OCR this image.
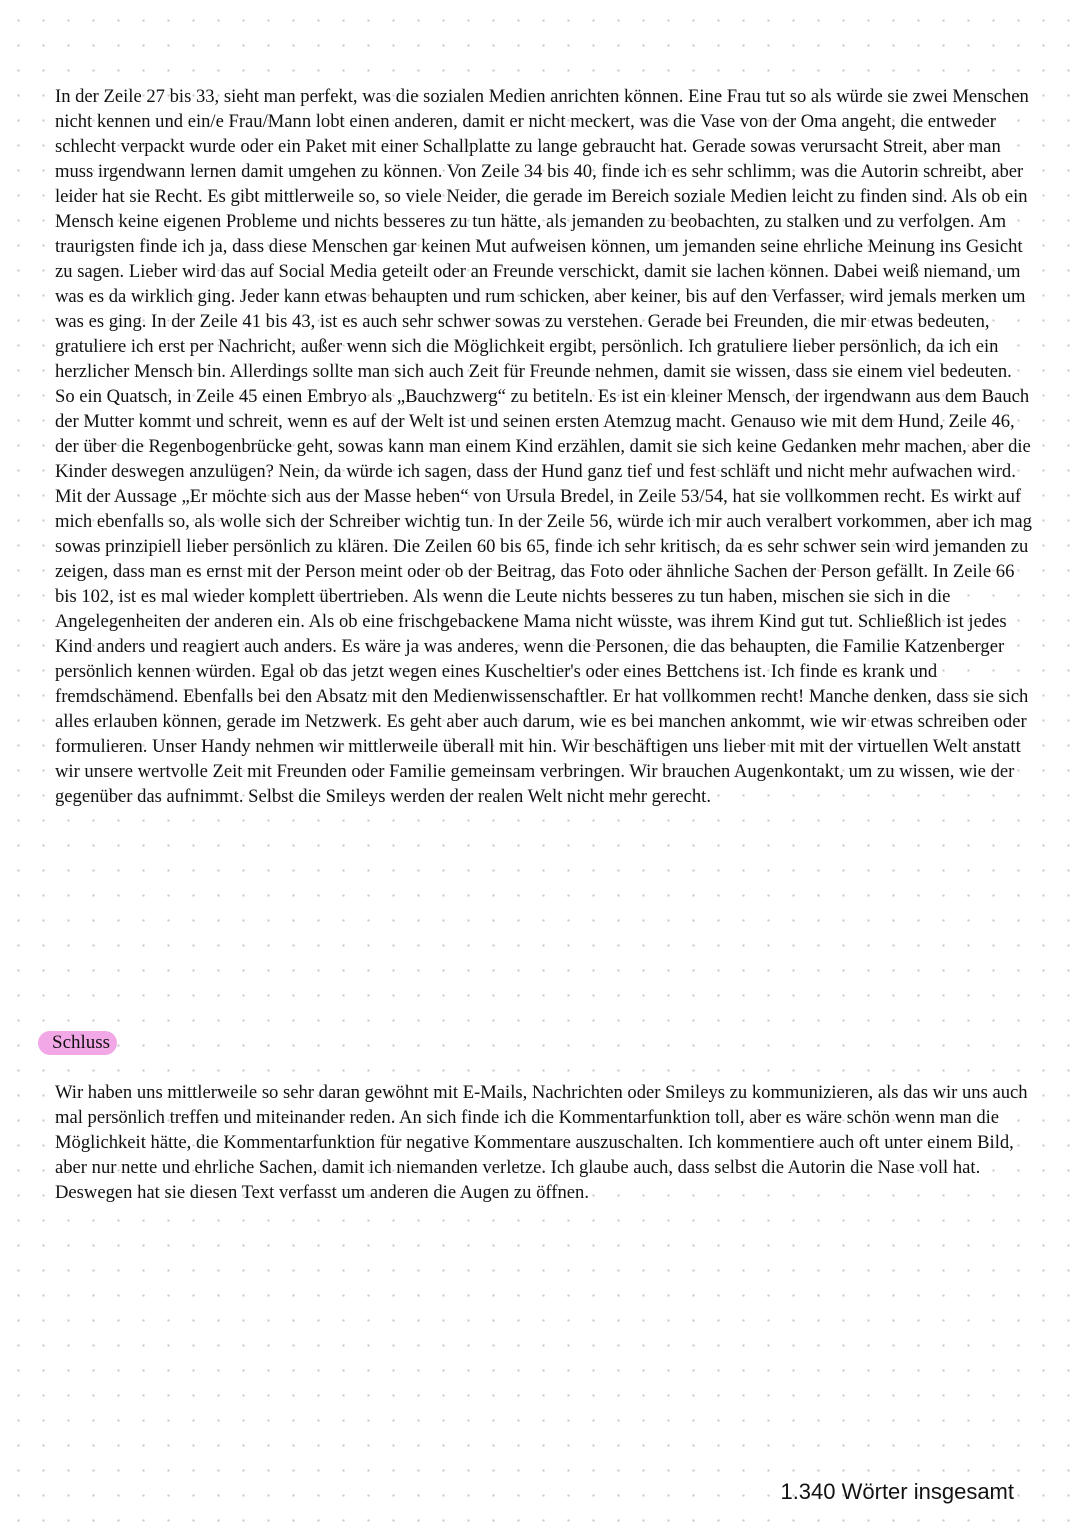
In der Zeile 27 bis 33, sieht man perfekt, was die sozialen Medien anrichten können. Eine Frau tut so als würde sie zwei Menschen nicht kennen und ein/e Frau/Mann lobt einen anderen, damit er nicht meckert, was die Vase von der Oma angeht, die entweder schlecht verpackt wurde oder ein Paket mit einer Schallplatte zu lange gebraucht hat. Gerade sowas verursacht Streit, aber man muss irgendwann lernen damit umgehen zu können. Von Zeile 34 bis 40, finde ich es sehr schlimm, was die Autorin schreibt, aber leider hat sie Recht. Es gibt mittlerweile so, so viele Neider, die gerade im Bereich soziale Medien leicht zu finden sind. Als ob ein Mensch keine eigenen Probleme und nichts besseres zu tun hätte, als jemanden zu beobachten, zu stalken und zu verfolgen. Am traurigsten finde ich ja, dass diese Menschen gar keinen Mut aufweisen können, um jemanden seine ehrliche Meinung ins Gesicht zu sagen. Lieber wird das auf Social Media geteilt oder an Freunde verschickt, damit sie lachen können. Dabei weiß niemand, um was es da wirklich ging. Jeder kann etwas behaupten und rum schicken, aber keiner, bis auf den Verfasser, wird jemals merken um was es ging. In der Zeile 41 bis 43, ist es auch sehr schwer sowas zu verstehen. Gerade bei Freunden, die mir etwas bedeuten, gratuliere ich erst per Nachricht, außer wenn sich die Möglichkeit ergibt, persönlich. Ich gratuliere lieber persönlich, da ich ein herzlicher Mensch bin. Allerdings sollte man sich auch Zeit für Freunde nehmen, damit sie wissen, dass sie einem viel bedeuten. So ein Quatsch, in Zeile 45 einen Embryo als „Bauchzwerg“ zu betiteln. Es ist ein kleiner Mensch, der irgendwann aus dem Bauch der Mutter kommt und schreit, wenn es auf der Welt ist und seinen ersten Atemzug macht. Genauso wie mit dem Hund, Zeile 46, der über die Regenbogenbrücke geht, sowas kann man einem Kind erzählen, damit sie sich keine Gedanken mehr machen, aber die Kinder deswegen anzulügen? Nein, da würde ich sagen, dass der Hund ganz tief und fest schläft und nicht mehr aufwachen wird. Mit der Aussage „Er möchte sich aus der Masse heben“ von Ursula Bredel, in Zeile 53/54, hat sie vollkommen recht. Es wirkt auf mich ebenfalls so, als wolle sich der Schreiber wichtig tun. In der Zeile 56, würde ich mir auch veralbert vorkommen, aber ich mag sowas prinzipiell lieber persönlich zu klären. Die Zeilen 60 bis 65, finde ich sehr kritisch, da es sehr schwer sein wird jemanden zu zeigen, dass man es ernst mit der Person meint oder ob der Beitrag, das Foto oder ähnliche Sachen der Person gefällt. In Zeile 66 bis 102, ist es mal wieder komplett übertrieben. Als wenn die Leute nichts besseres zu tun haben, mischen sie sich in die Angelegenheiten der anderen ein. Als ob eine frischgebackene Mama nicht wüsste, was ihrem Kind gut tut. Schließlich ist jedes Kind anders und reagiert auch anders. Es wäre ja was anderes, wenn die Personen, die das behaupten, die Familie Katzenberger persönlich kennen würden. Egal ob das jetzt wegen eines Kuscheltier's oder eines Bettchens ist. Ich finde es krank und fremdschämend. Ebenfalls bei den Absatz mit den Medienwissenschaftler. Er hat vollkommen recht! Manche denken, dass sie sich alles erlauben können, gerade im Netzwerk. Es geht aber auch darum, wie es bei manchen ankommt, wie wir etwas schreiben oder formulieren. Unser Handy nehmen wir mittlerweile überall mit hin. Wir beschäftigen uns lieber mit mit der virtuellen Welt anstatt wir unsere wertvolle Zeit mit Freunden oder Familie gemeinsam verbringen. Wir brauchen Augenkontakt, um zu wissen, wie der gegenüber das aufnimmt. Selbst die Smileys werden der realen Welt nicht mehr gerecht.

Schluss

Wir haben uns mittlerweile so sehr daran gewöhnt mit E-Mails, Nachrichten oder Smileys zu kommunizieren, als das wir uns auch mal persönlich treffen und miteinander reden. An sich finde ich die Kommentarfunktion toll, aber es wäre schön wenn man die Möglichkeit hätte, die Kommentarfunktion für negative Kommentare auszuschalten. Ich kommentiere auch oft unter einem Bild, aber nur nette und ehrliche Sachen, damit ich niemanden verletze. Ich glaube auch, dass selbst die Autorin die Nase voll hat. Deswegen hat sie diesen Text verfasst um anderen die Augen zu öffnen.

1.340 Wörter insgesamt
